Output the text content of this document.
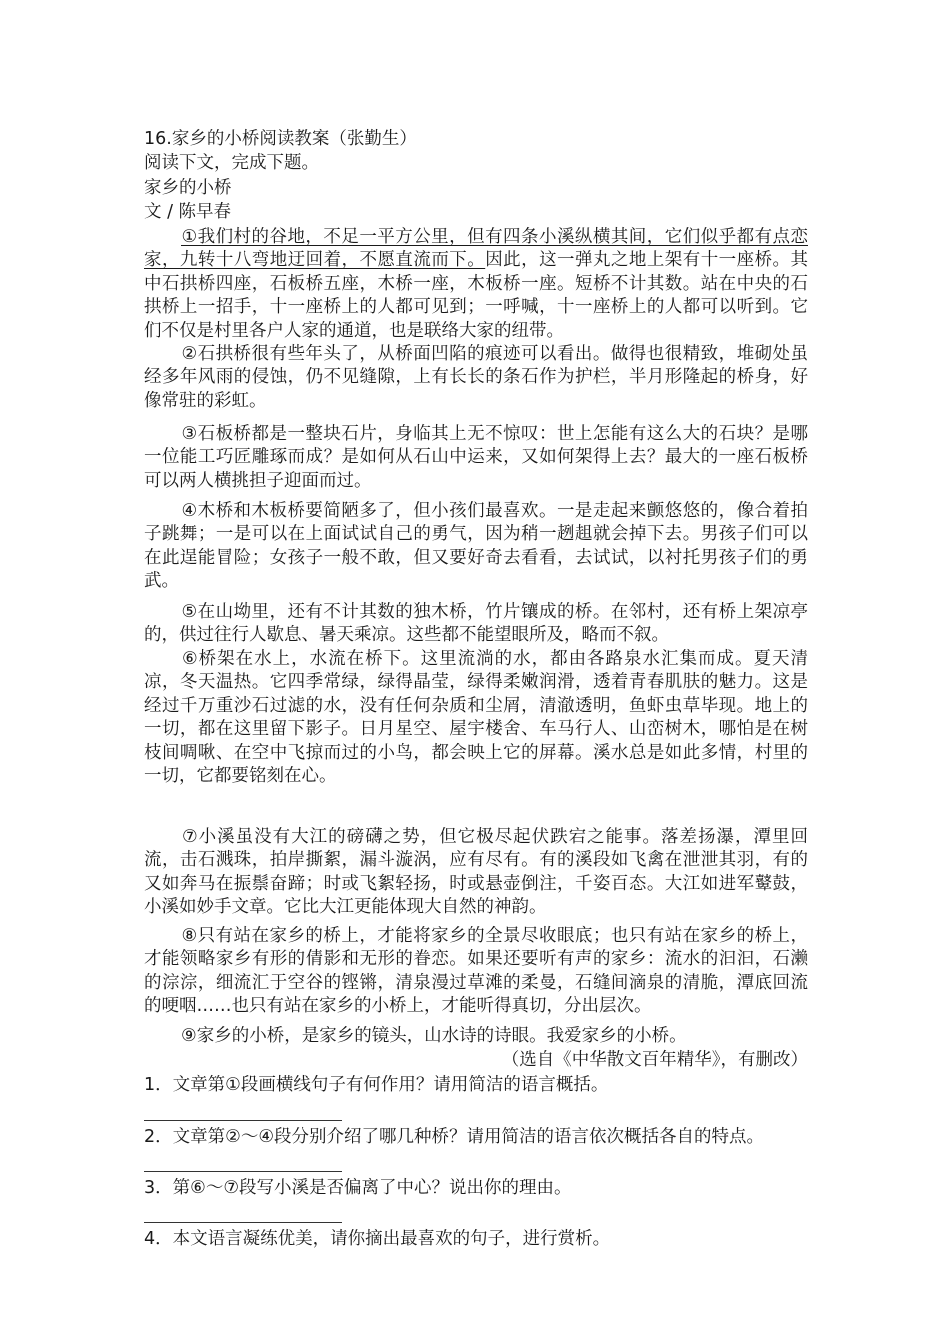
16.家乡的小桥阅读教案（张勤生）
阅读下文，完成下题。
家乡的小桥
文 / 陈早春
①我们村的谷地，不足一平方公里，但有四条小溪纵横其间，它们似乎都有点恋家，九转十八弯地迂回着，不愿直流而下。因此，这一弹丸之地上架有十一座桥。其中石拱桥四座，石板桥五座，木桥一座，木板桥一座。短桥不计其数。站在中央的石拱桥上一招手，十一座桥上的人都可见到；一呼喊，十一座桥上的人都可以听到。它们不仅是村里各户人家的通道，也是联络大家的纽带。
②石拱桥很有些年头了，从桥面凹陷的痕迹可以看出。做得也很精致，堆砌处虽经多年风雨的侵蚀，仍不见缝隙，上有长长的条石作为护栏，半月形隆起的桥身，好像常驻的彩虹。
③石板桥都是一整块石片，身临其上无不惊叹：世上怎能有这么大的石块？是哪一位能工巧匠雕琢而成？是如何从石山中运来，又如何架得上去？最大的一座石板桥可以两人横挑担子迎面而过。
④木桥和木板桥要简陋多了，但小孩们最喜欢。一是走起来颤悠悠的，像合着拍子跳舞；一是可以在上面试试自己的勇气，因为稍一趔趄就会掉下去。男孩子们可以在此逞能冒险；女孩子一般不敢，但又要好奇去看看，去试试，以衬托男孩子们的勇武。
⑤在山坳里，还有不计其数的独木桥，竹片镶成的桥。在邻村，还有桥上架凉亭的，供过往行人歇息、暑天乘凉。这些都不能望眼所及，略而不叙。
⑥桥架在水上，水流在桥下。这里流淌的水，都由各路泉水汇集而成。夏天清凉，冬天温热。它四季常绿，绿得晶莹，绿得柔嫩润滑，透着青春肌肤的魅力。这是经过千万重沙石过滤的水，没有任何杂质和尘屑，清澈透明，鱼虾虫草毕现。地上的一切，都在这里留下影子。日月星空、屋宇楼舍、车马行人、山峦树木，哪怕是在树枝间啁啾、在空中飞掠而过的小鸟，都会映上它的屏幕。溪水总是如此多情，村里的一切，它都要铭刻在心。
⑦小溪虽没有大江的磅礴之势，但它极尽起伏跌宕之能事。落差扬瀑，潭里回流，击石溅珠，拍岸撕絮，漏斗漩涡，应有尽有。有的溪段如飞禽在泄泄其羽，有的又如奔马在振鬃奋蹄；时或飞絮轻扬，时或悬壶倒注，千姿百态。大江如进军鼙鼓，小溪如妙手文章。它比大江更能体现大自然的神韵。
⑧只有站在家乡的桥上，才能将家乡的全景尽收眼底；也只有站在家乡的桥上，才能领略家乡有形的倩影和无形的眷恋。如果还要听有声的家乡：流水的汩汩，石濑的淙淙，细流汇于空谷的铿锵，清泉漫过草滩的柔曼，石缝间滴泉的清脆，潭底回流的哽咽……也只有站在家乡的小桥上，才能听得真切，分出层次。
⑨家乡的小桥，是家乡的镜头，山水诗的诗眼。我爱家乡的小桥。
（选自《中华散文百年精华》，有删改）
1．文章第①段画横线句子有何作用？请用简洁的语言概括。
2．文章第②～④段分别介绍了哪几种桥？请用简洁的语言依次概括各自的特点。
3．第⑥～⑦段写小溪是否偏离了中心？说出你的理由。
4．本文语言凝练优美，请你摘出最喜欢的句子，进行赏析。
